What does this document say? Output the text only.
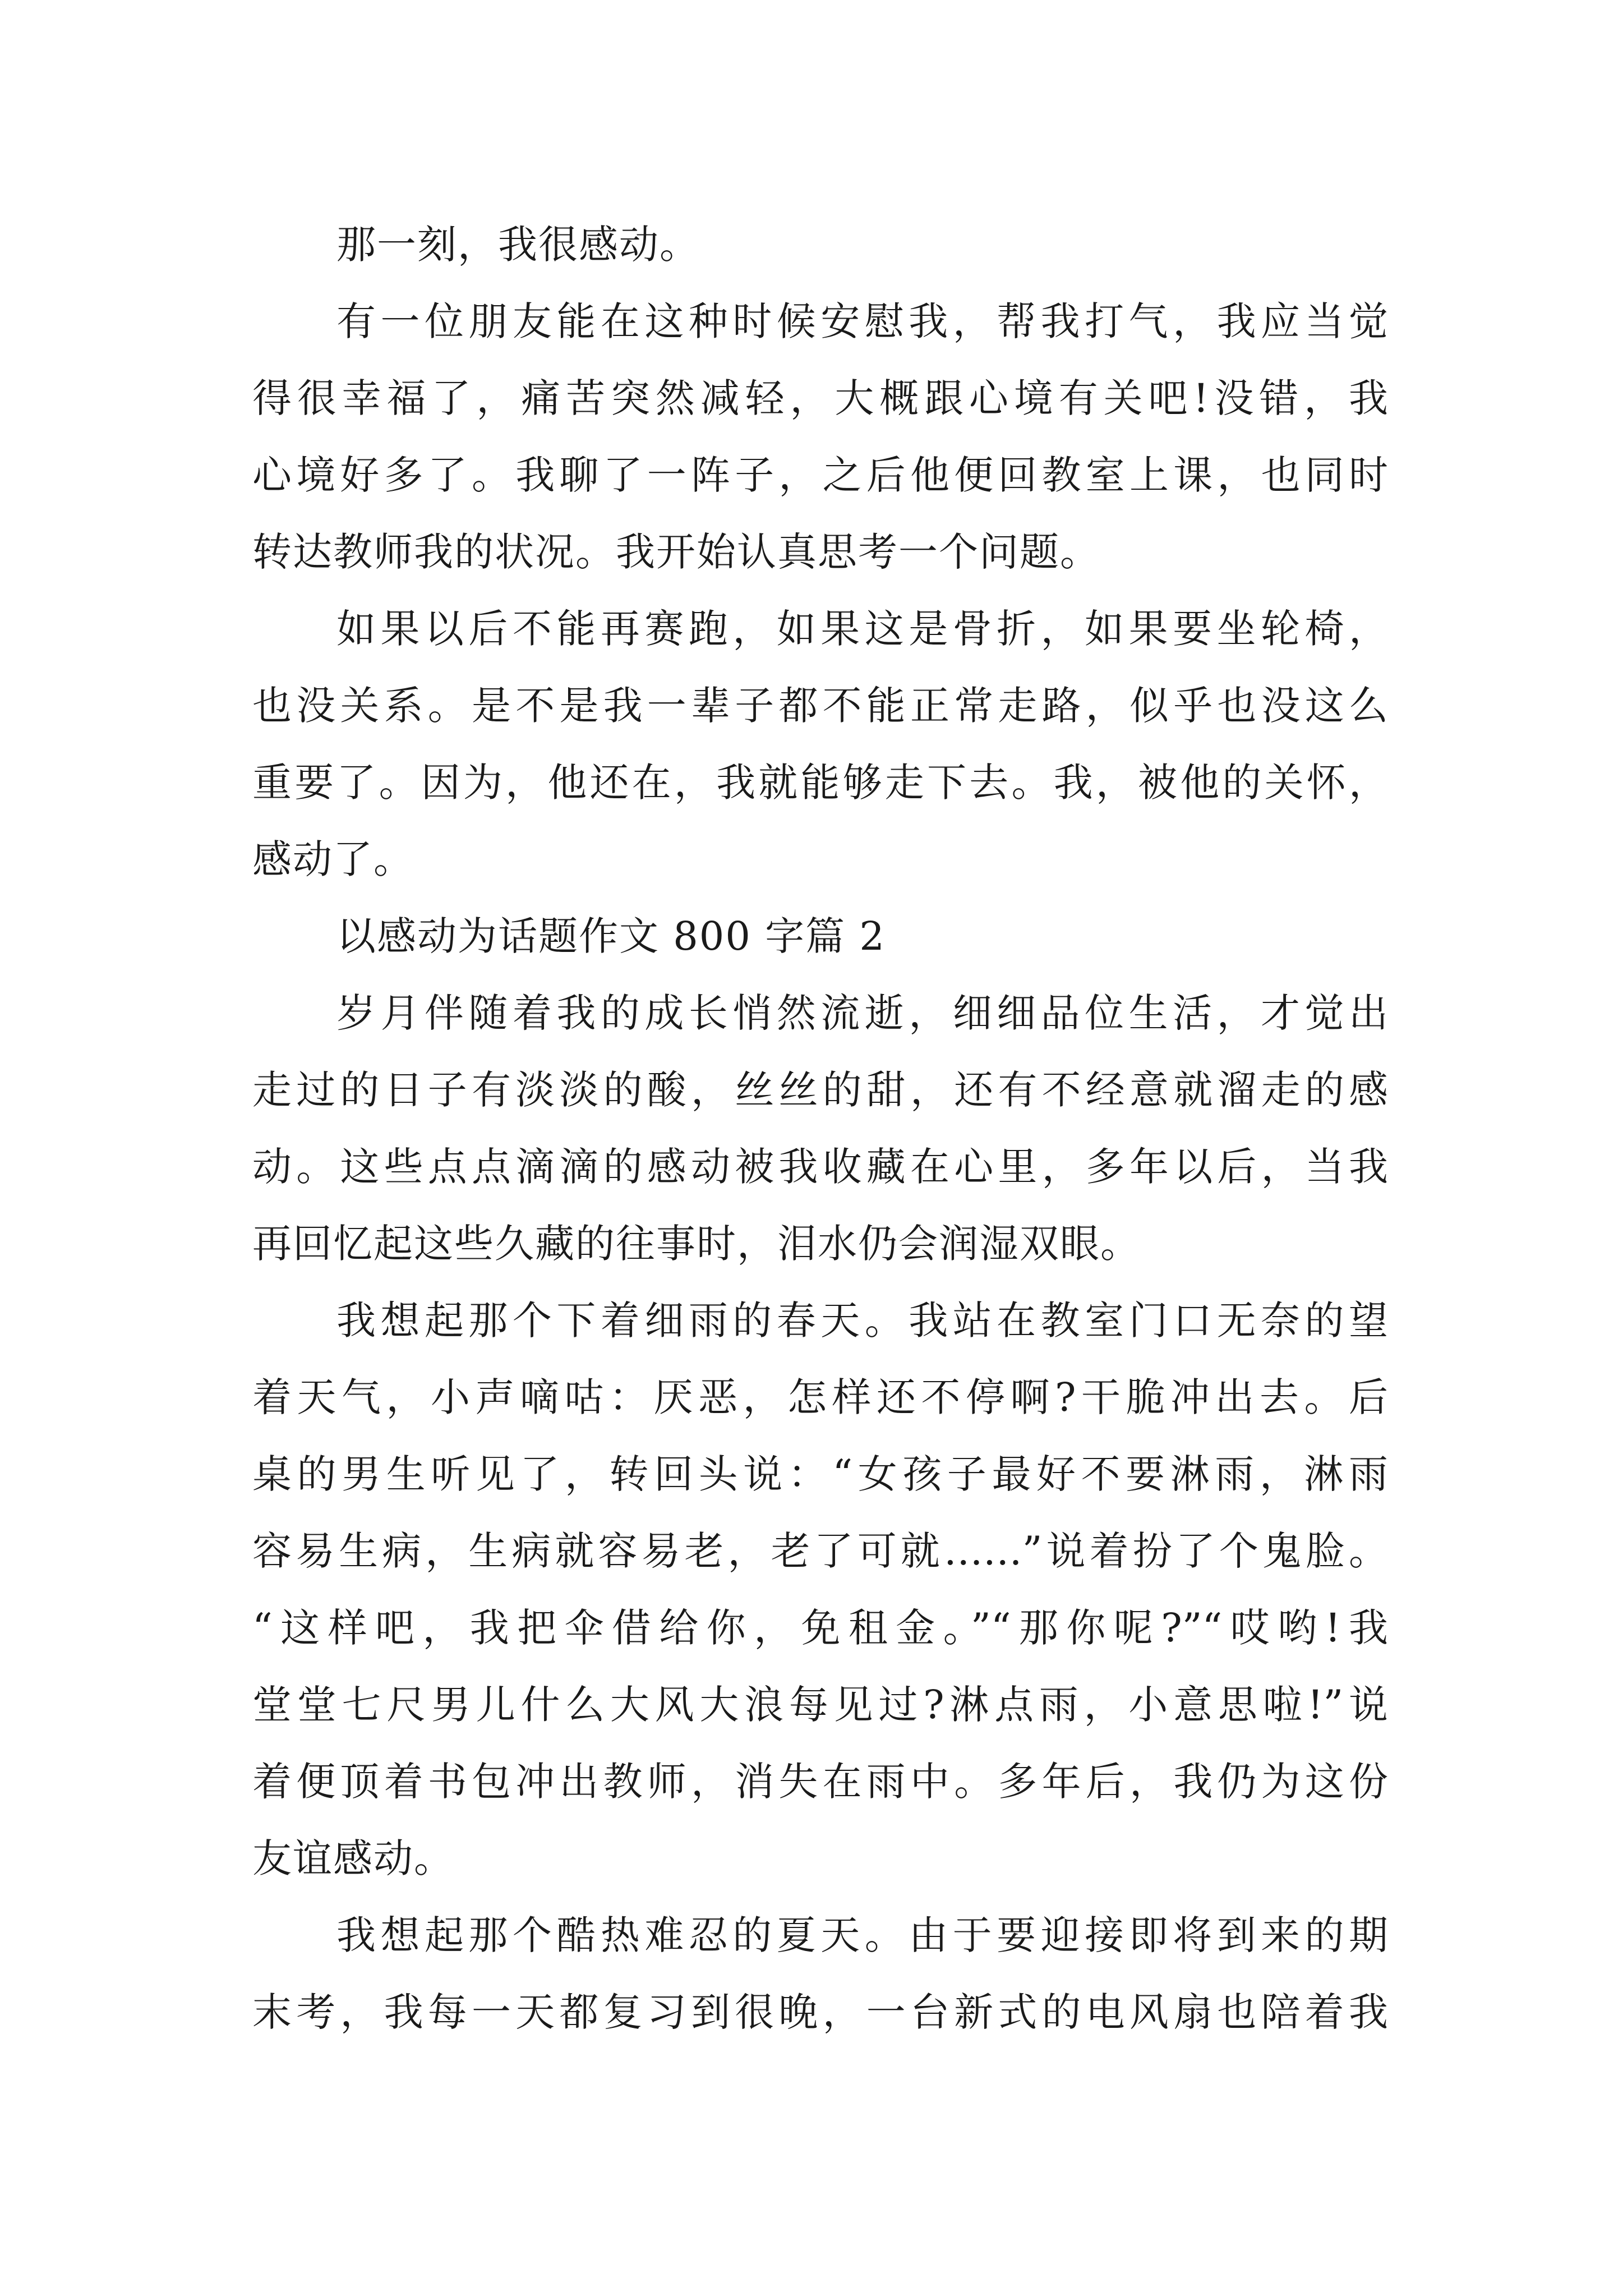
那一刻，我很感动。
有一位朋友能在这种时候安慰我，帮我打气，我应当觉
得很幸福了，痛苦突然减轻，大概跟心境有关吧!没错，我
心境好多了。我聊了一阵子，之后他便回教室上课，也同时
转达教师我的状况。我开始认真思考一个问题。
如果以后不能再赛跑，如果这是骨折，如果要坐轮椅，
也没关系。是不是我一辈子都不能正常走路，似乎也没这么
重要了。因为，他还在，我就能够走下去。我，被他的关怀，
感动了。
以感动为话题作文 800 字篇 2
岁月伴随着我的成长悄然流逝，细细品位生活，才觉出
走过的日子有淡淡的酸，丝丝的甜，还有不经意就溜走的感
动。这些点点滴滴的感动被我收藏在心里，多年以后，当我
再回忆起这些久藏的往事时，泪水仍会润湿双眼。
我想起那个下着细雨的春天。我站在教室门口无奈的望
着天气，小声嘀咕：厌恶，怎样还不停啊?干脆冲出去。后
桌的男生听见了，转回头说：“女孩子最好不要淋雨，淋雨
容易生病，生病就容易老，老了可就……”说着扮了个鬼脸。
“这样吧，我把伞借给你，免租金。”“那你呢?”“哎哟!我
堂堂七尺男儿什么大风大浪每见过?淋点雨，小意思啦!”说
着便顶着书包冲出教师，消失在雨中。多年后，我仍为这份
友谊感动。
我想起那个酷热难忍的夏天。由于要迎接即将到来的期
末考，我每一天都复习到很晚，一台新式的电风扇也陪着我
